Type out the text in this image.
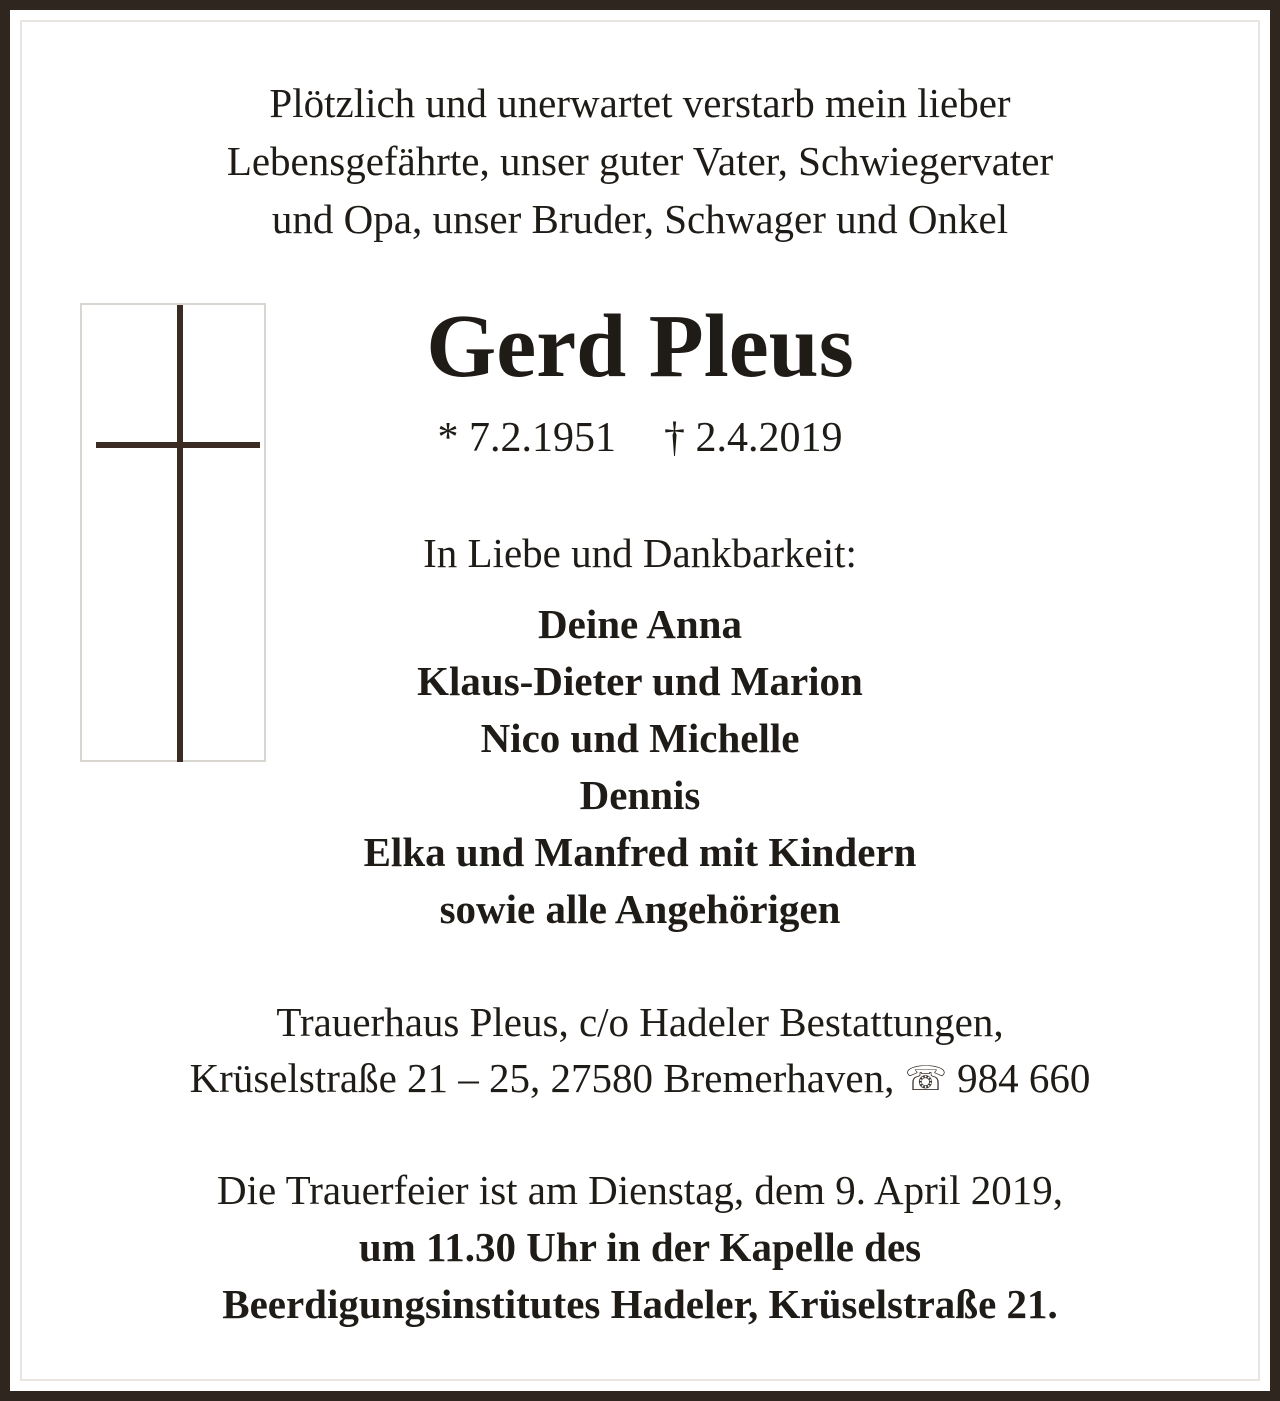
Plötzlich und unerwartet verstarb mein lieber
Lebensgefährte, unser guter Vater, Schwiegervater
und Opa, unser Bruder, Schwager und Onkel
Gerd Pleus
* 7.2.1951 † 2.4.2019
In Liebe und Dankbarkeit:
Deine Anna
Klaus-Dieter und Marion
Nico und Michelle
Dennis
Elka und Manfred mit Kindern
sowie alle Angehörigen
Trauerhaus Pleus, c/o Hadeler Bestattungen,
Krüselstraße 21 – 25, 27580 Bremerhaven, ☏ 984 660
Die Trauerfeier ist am Dienstag, dem 9. April 2019,
um 11.30 Uhr in der Kapelle des
Beerdigungsinstitutes Hadeler, Krüselstraße 21.
